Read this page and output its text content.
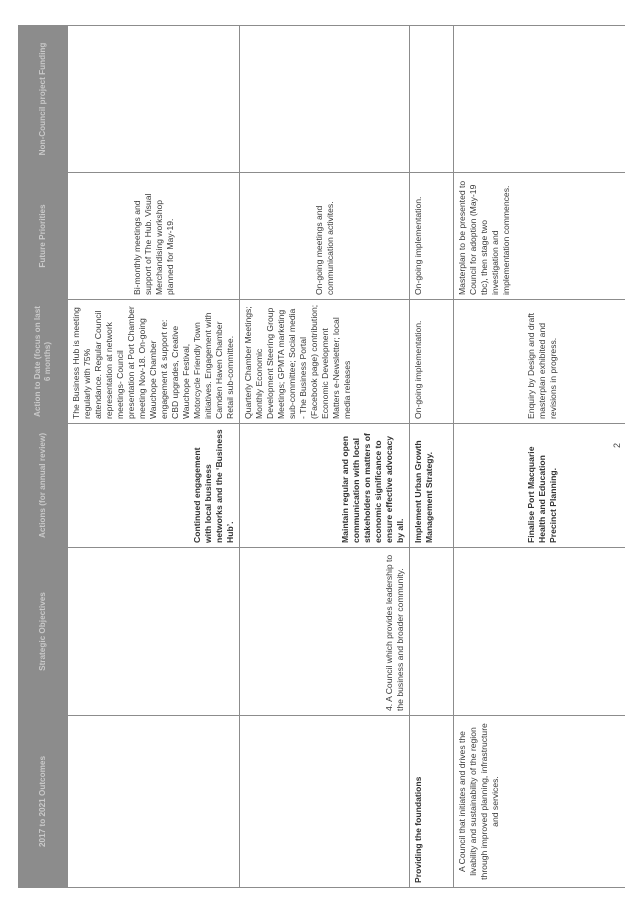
2017 to 2021 Outcomes	Strategic Objectives	Actions (for annual review)	Action to Date (focus on last 6 months)	Future Priorities	Non-Council project Funding
		Continued engagement with local business networks and the ‘Business Hub’.	The Business Hub is meeting regularly with 75% attendance. Regular Council representation at network meetings- Council presentation at Port Chamber meeting Nov-18. On-going Wauchope Chamber engagement & support re: CBD upgrades, Creative Wauchope Festival, Motorcycle Friendly Town initiatives. Engagement with Camden Haven Chamber Retail sub-committee.	Bi-monthly meetings and support of The Hub. Visual Merchandising workshop planned for May-19.	
	4. A Council which provides leadership to the business and broader community.	Maintain regular and open communication with local stakeholders on matters of economic significance to ensure effective advocacy by all.	Quarterly Chamber Meetings; Monthly Economic Development Steering Group Meetings; GPMTA marketing sub-committee; Social media - The Business Portal (Facebook page) contribution; Economic Development Matters e-Newsletter; local media releases	On-going meetings and communication activites.	
Providing the foundations		Implement Urban Growth Management Strategy.	On-going implementation.	On-going implementation.	
A Council that initiates and drives the livability and sustainability of the region through improved planning, infrastructure and services.		Finalise Port Macquarie Health and Education Precinct Planning.	Enquiry by Design and draft masterplan exhibited and revisions in progress.	Masterplan to be presented to Council for adoption (May-19 tbc), then stage two investigation and implementation commences.	
2
